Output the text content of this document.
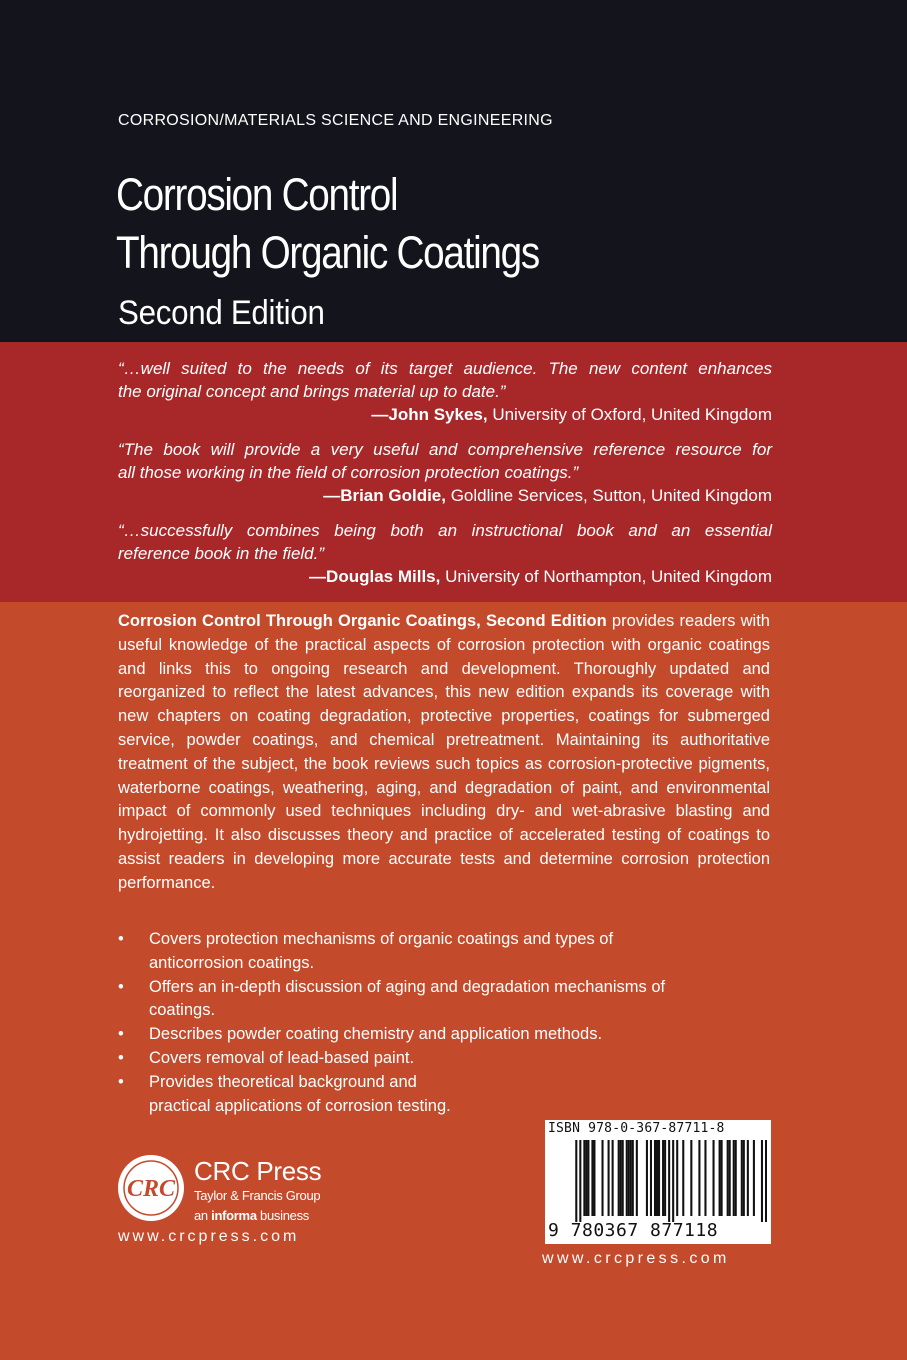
CORROSION/MATERIALS SCIENCE AND ENGINEERING
Corrosion Control
Through Organic Coatings
Second Edition
“…well suited to the needs of its target audience. The new content enhances
the original concept and brings material up to date.”
—John Sykes, University of Oxford, United Kingdom
“The book will provide a very useful and comprehensive reference resource for
all those working in the field of corrosion protection coatings.”
—Brian Goldie, Goldline Services, Sutton, United Kingdom
“…successfully combines being both an instructional book and an essential
reference book in the field.”
—Douglas Mills, University of Northampton, United Kingdom
Corrosion Control Through Organic Coatings, Second Edition provides readers with useful knowledge of the practical aspects of corrosion protection with organic coatings and links this to ongoing research and development. Thoroughly updated and reorganized to reflect the latest advances, this new edition expands its coverage with new chapters on coating degradation, protective properties, coatings for submerged service, powder coatings, and chemical pretreatment. Maintaining its authoritative treatment of the subject, the book reviews such topics as corrosion-protective pigments, waterborne coatings, weathering, aging, and degradation of paint, and environmental impact of commonly used techniques including dry- and wet-abrasive blasting and hydrojetting. It also discusses theory and practice of accelerated testing of coatings to assist readers in developing more accurate tests and determine corrosion protection performance.
• Covers protection mechanisms of organic coatings and types of
anticorrosion coatings.
• Offers an in-depth discussion of aging and degradation mechanisms of
coatings.
• Describes powder coating chemistry and application methods.
• Covers removal of lead-based paint.
• Provides theoretical background and
practical applications of corrosion testing.
CRC
CRC Press
Taylor & Francis Group
an informa business
www.crcpress.com
ISBN 978-0-367-87711-8
9 780367 877118
www.crcpress.com
